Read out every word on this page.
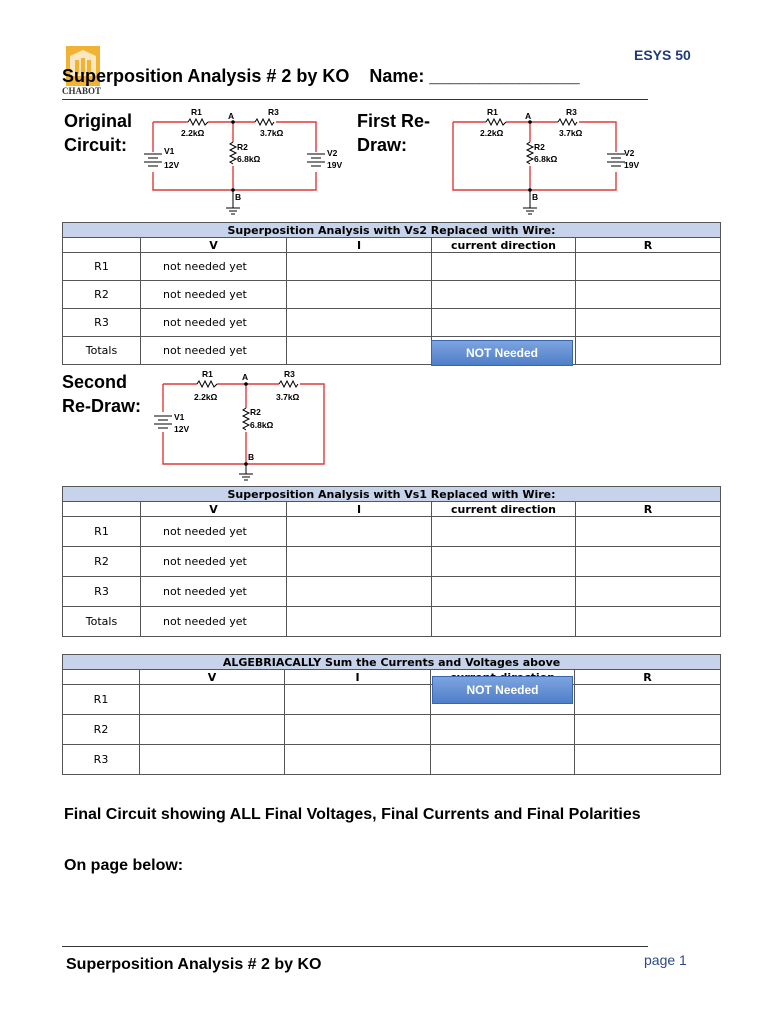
CHABOT
ESYS 50
Superposition Analysis # 2 by KO    Name: _______________
Original Circuit:
First Re-Draw:
Second Re-Draw:
R1
2.2kΩ
A	R3
3.7kΩ
R2
6.8kΩ
V1
12V
V2
19V
B
R1
2.2kΩ
A	R3
3.7kΩ
R2
6.8kΩ
V2
19V
B
Superposition Analysis with Vs2 Replaced with Wire:				
	V	I	current direction	R
R1	not needed yet			
R2	not needed yet			
R3	not needed yet			
Totals	not needed yet				NOT Needed
R1
2.2kΩ
A	R3
3.7kΩ
R2
6.8kΩ
V1
12V
B
Superposition Analysis with Vs1 Replaced with Wire:				
	V	I	current direction	R
R1	not needed yet			
R2	not needed yet			
R3	not needed yet			
Totals	not needed yet			
ALGEBRIACALLY Sum the Currents and Voltages above				
	V	I		R
R1				
R2				
R3				
NOT Needed
Final Circuit showing ALL Final Voltages, Final Currents and Final Polarities
On page below:
Superposition Analysis # 2 by KO	page 1
